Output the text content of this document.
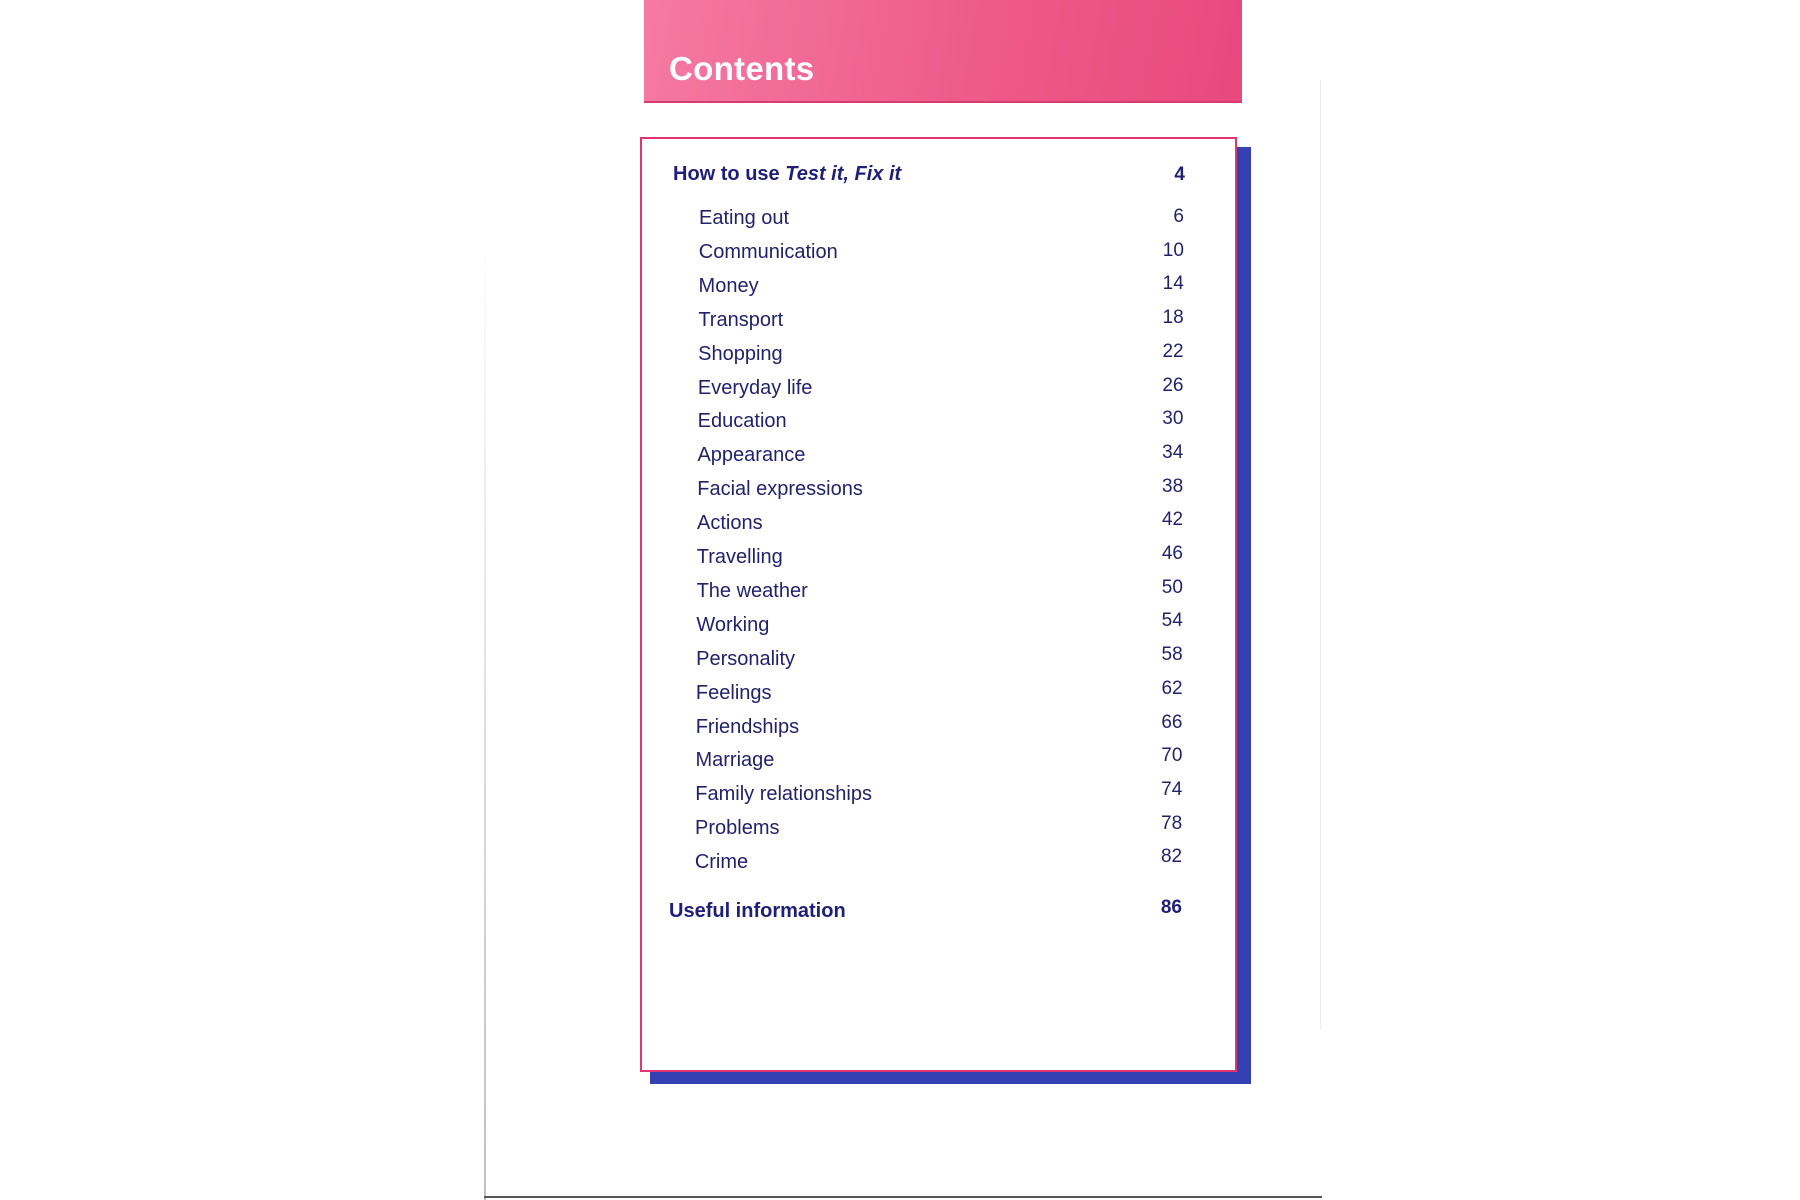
Contents
How to use Test it, Fix it	4
Eating out	6
Communication	10
Money	14
Transport	18
Shopping	22
Everyday life	26
Education	30
Appearance	34
Facial expressions	38
Actions	42
Travelling	46
The weather	50
Working	54
Personality	58
Feelings	62
Friendships	66
Marriage	70
Family relationships	74
Problems	78
Crime	82
Useful information	86
